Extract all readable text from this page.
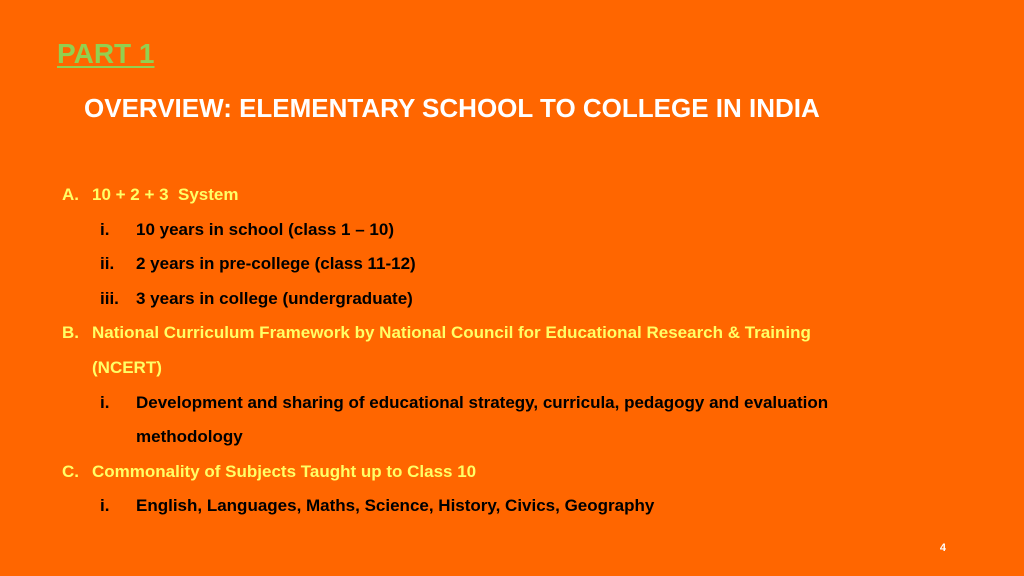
PART 1
OVERVIEW: ELEMENTARY SCHOOL TO COLLEGE IN INDIA
A. 10 + 2 + 3  System
i.	10 years in school (class 1 – 10)
ii.	2 years in pre-college (class 11-12)
iii.	3 years in college (undergraduate)
B. National Curriculum Framework by National Council for Educational Research & Training
(NCERT)
i.	Development and sharing of educational strategy, curricula, pedagogy and evaluation
methodology
C. Commonality of Subjects Taught up to Class 10
i.	English, Languages, Maths, Science, History, Civics, Geography
4
